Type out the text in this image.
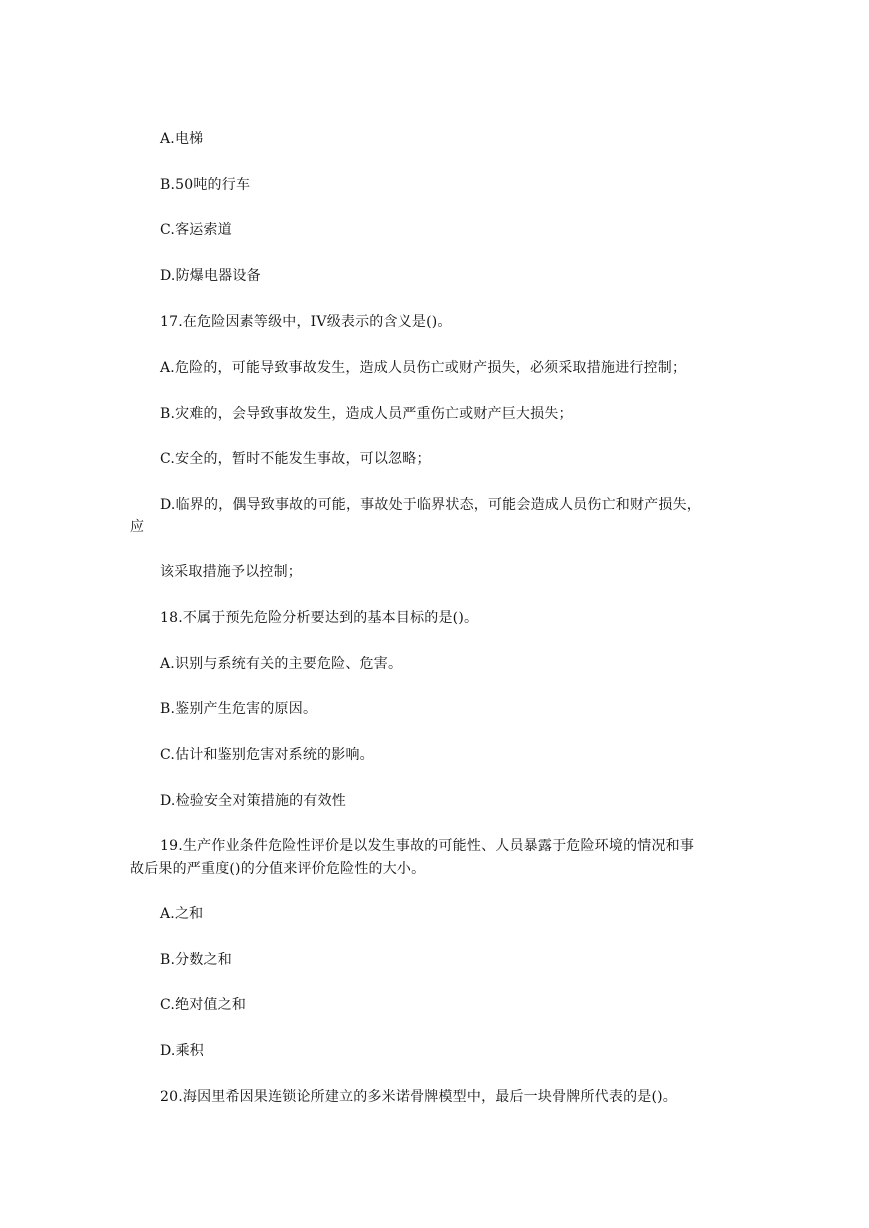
A.电梯
B.50吨的行车
C.客运索道
D.防爆电器设备
17.在危险因素等级中，IV级表示的含义是()。
A.危险的，可能导致事故发生，造成人员伤亡或财产损失，必须采取措施进行控制；
B.灾难的，会导致事故发生，造成人员严重伤亡或财产巨大损失；
C.安全的，暂时不能发生事故，可以忽略；
D.临界的，偶导致事故的可能，事故处于临界状态，可能会造成人员伤亡和财产损失，
应
该采取措施予以控制；
18.不属于预先危险分析要达到的基本目标的是()。
A.识别与系统有关的主要危险、危害。
B.鉴别产生危害的原因。
C.估计和鉴别危害对系统的影响。
D.检验安全对策措施的有效性
19.生产作业条件危险性评价是以发生事故的可能性、人员暴露于危险环境的情况和事
故后果的严重度()的分值来评价危险性的大小。
A.之和
B.分数之和
C.绝对值之和
D.乘积
20.海因里希因果连锁论所建立的多米诺骨牌模型中，最后一块骨牌所代表的是()。
